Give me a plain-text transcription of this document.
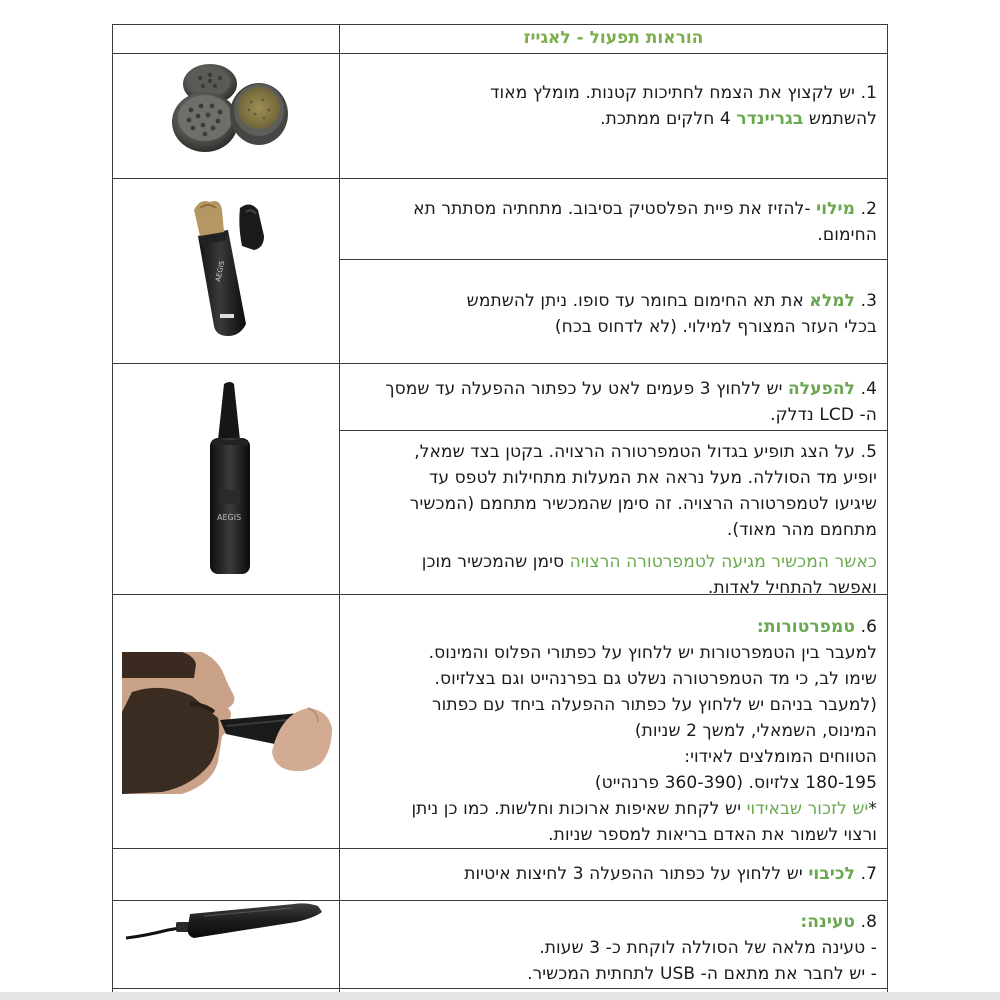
הוראות תפעול - לאגייז

1. יש לקצוץ את הצמח לחתיכות קטנות. מומלץ מאוד

להשתמש בגריינדר 4 חלקים ממתכת.

2. מילוי -להזיז את פיית הפלסטיק בסיבוב. מתחתיה מסתתר תא

החימום.

3. למלא את תא החימום בחומר עד סופו. ניתן להשתמש

בכלי העזר המצורף למילוי. (לא לדחוס בכח)

4. להפעלה יש ללחוץ 3 פעמים לאט על כפתור ההפעלה עד שמסך

ה- LCD נדלק.

5. על הצג תופיע בגדול הטמפרטורה הרצויה. בקטן בצד שמאל,

יופיע מד הסוללה. מעל נראה את המעלות מתחילות לטפס עד

שיגיעו לטמפרטורה הרצויה. זה סימן שהמכשיר מתחמם (המכשיר

מתחמם מהר מאוד).

כאשר המכשיר מגיעה לטמפרטורה הרצויה סימן שהמכשיר מוכן

ואפשר להתחיל לאדות.

6. טמפרטורות:

למעבר בין הטמפרטורות יש ללחוץ על כפתורי הפלוס והמינוס.

שימו לב, כי מד הטמפרטורה נשלט גם בפרנהייט וגם בצלזיוס.

(למעבר בניהם יש ללחוץ על כפתור ההפעלה ביחד עם כפתור

המינוס, השמאלי, למשך 2 שניות)

הטווחים המומלצים לאידוי:

180-195 צלזיוס. (360-390 פרנהייט)

*יש לזכור שבאידוי יש לקחת שאיפות ארוכות וחלשות. כמו כן ניתן

ורצוי לשמור את האדם בריאות למספר שניות.

7. לכיבוי יש ללחוץ על כפתור ההפעלה 3 לחיצות איטיות

8. טעינה:

- טעינה מלאה של הסוללה לוקחת כ- 3 שעות.

- יש לחבר את מתאם ה- USB לתחתית המכשיר.

AEGIS
AEGIS
